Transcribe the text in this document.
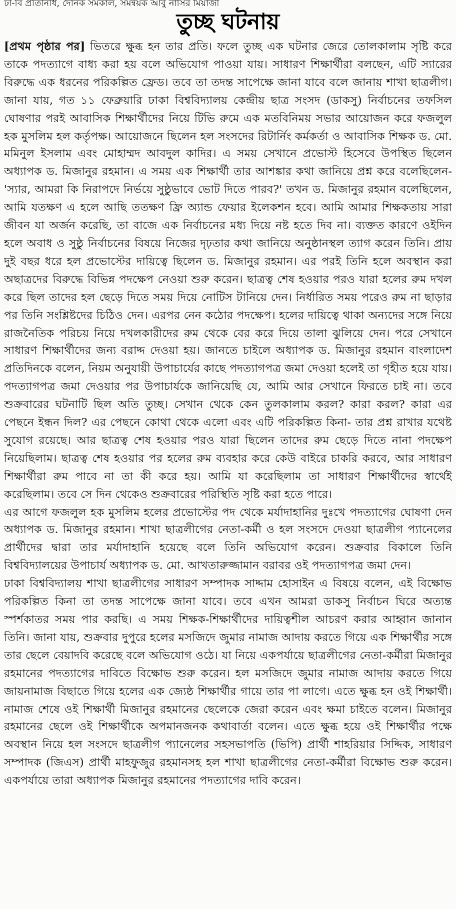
ঢা-বি প্রতিনিধি, দৈনিক সমকাল, সমন্বয়ক আবু নাসির মিয়াজী
তুচ্ছ ঘটনায়

[প্রথম পৃষ্ঠার পর] ভিতরে ক্ষুব্ধ হন তার প্রতি। ফলে তুচ্ছ এক ঘটনার জেরে তোলকালাম সৃষ্টি করে তাকে পদত্যাগে বাধ্য করা হয় বলে অভিযোগ পাওয়া যায়। সাধারণ শিক্ষার্থীরা বলছেন, এটি স্যারের বিরুদ্ধে এক ধরনের পরিকল্পিত ফ্রেড। তবে তা তদন্ত সাপেক্ষে জানা যাবে বলে জানায় শাখা ছাত্রলীগ। জানা যায়, গত ১১ ফেব্রুয়ারি ঢাকা বিশ্ববিদ্যালয় কেন্দ্রীয় ছাত্র সংসদ (ডাকসু) নির্বাচনের তফসিল ঘোষণার পরই আবাসিক শিক্ষার্থীদের নিয়ে টিভি রুমে এক মতবিনিময় সভার আয়োজন করে ফজলুল হক মুসলিম হল কর্তৃপক্ষ। আয়োজনে ছিলেন হল সংসদের রিটার্নিং কর্মকর্তা ও আবাসিক শিক্ষক ড. মো. মমিনুল ইসলাম এবং মোহাম্মদ আবদুল কাদির। এ সময় সেখানে প্রভোস্ট হিসেবে উপস্থিত ছিলেন অধ্যাপক ড. মিজানুর রহমান। এ সময় এক শিক্ষার্থী তার আশঙ্কার কথা জানিয়ে প্রশ্ন করে বলেছিলেন- 'স্যার, আমরা কি নিরাপদে নির্ভয়ে সুষ্ঠুভাবে ভোট দিতে পারব?' তখন ড. মিজানুর রহমান বলেছিলেন, আমি যতক্ষণ এ হলে আছি ততক্ষণ ফ্রি অ্যান্ড ফেয়ার ইলেকশন হবে। আমি আমার শিক্ষকতায় সারা জীবন যা অর্জন করেছি, তা বাজে এক নির্বাচনের মধ্য দিয়ে নষ্ট হতে দিব না। ব্যক্তত কারণে ওইদিন হলে অবাধ ও সুষ্ঠু নির্বাচনের বিষয়ে নিজের দৃঢ়তার কথা জানিয়ে অনুষ্ঠানস্থল ত্যাগ করেন তিনি। প্রায় দুই বছর ধরে হল প্রভোস্টের দায়িত্বে ছিলেন ড. মিজানুর রহমান। এর পরই তিনি হলে অবস্থান করা অছাত্রদের বিরুদ্ধে বিভিন্ন পদক্ষেপ নেওয়া শুরু করেন। ছাত্রত্ব শেষ হওয়ার পরও যারা হলের রুম দখল করে ছিল তাদের হল ছেড়ে দিতে সময় দিয়ে নোটিস টানিয়ে দেন। নির্ধারিত সময় পরেও রুম না ছাড়ার পর তিনি সংশ্লিষ্টদের চিঠিও দেন। এরপর নেন কঠোর পদক্ষেপ। হলের দায়িত্বে থাকা অন্যদের সঙ্গে নিয়ে রাজনৈতিক পরিচয় নিয়ে দখলকারীদের রুম থেকে বের করে দিয়ে তালা ঝুলিয়ে দেন। পরে সেখানে সাধারণ শিক্ষার্থীদের জন্য বরাদ্দ দেওয়া হয়। জানতে চাইলে অধ্যাপক ড. মিজানুর রহমান বাংলাদেশ প্রতিদিনকে বলেন, নিয়ম অনুযায়ী উপাচার্যের কাছে পদত্যাগপত্র জমা দেওয়া হলেই তা গৃহীত হয়ে যায়। পদত্যাগপত্র জমা দেওয়ার পর উপাচার্যকে জানিয়েছি যে, আমি আর সেখানে ফিরতে চাই না। তবে শুক্রবারের ঘটনাটি ছিল অতি তুচ্ছ। সেখান থেকে কেন তুলকালাম করল? কারা করল? কারা এর পেছনে ইন্ধন দিল? এর পেছনে কোথা থেকে এলো এবং এটি পরিকল্পিত কিনা- তার প্রশ্ন রাখার যথেষ্ট সুযোগ রয়েছে। আর ছাত্রত্ব শেষ হওয়ার পরও যারা ছিলেন তাদের রুম ছেড়ে দিতে নানা পদক্ষেপ নিয়েছিলাম। ছাত্রত্ব শেষ হওয়ার পর হলের রুম ব্যবহার করে কেউ বাইরে চাকরি করবে, আর সাধারণ শিক্ষার্থীরা রুম পাবে না তা কী করে হয়। আমি যা করেছিলাম তা সাধারণ শিক্ষার্থীদের স্বার্থেই করেছিলাম। তবে সে দিন থেকেও শুক্রবারের পরিস্থিতি সৃষ্টি করা হতে পারে।

এর আগে ফজলুল হক মুসলিম হলের প্রভোস্টের পদ থেকে মর্যাদাহানির দুঃখে পদত্যাগের ঘোষণা দেন অধ্যাপক ড. মিজানুর রহমান। শাখা ছাত্রলীগের নেতা-কর্মী ও হল সংসদে দেওয়া ছাত্রলীগ প্যানেলের প্রার্থীদের দ্বারা তার মর্যাদাহানি হয়েছে বলে তিনি অভিযোগ করেন। শুক্রবার বিকালে তিনি বিশ্ববিদ্যালয়ের উপাচার্য অধ্যাপক ড. মো. আখতারুজ্জামান বরাবর ওই পদত্যাগপত্র জমা দেন।

ঢাকা বিশ্ববিদ্যালয় শাখা ছাত্রলীগের সাধারণ সম্পাদক সাদ্দাম হোসাইন এ বিষয়ে বলেন, এই বিক্ষোভ পরিকল্পিত কিনা তা তদন্ত সাপেক্ষে জানা যাবে। তবে এখন আমরা ডাকসু নির্বাচন ঘিরে অত্যন্ত স্পর্শকাতর সময় পার করছি। এ সময় শিক্ষক-শিক্ষার্থীদের দায়িত্বশীল আচরণ করার আহ্বান জানান তিনি। জানা যায়, শুক্রবার দুপুরে হলের মসজিদে জুমার নামাজ আদায় করতে গিয়ে এক শিক্ষার্থীর সঙ্গে তার ছেলে বেয়াদবি করেছে বলে অভিযোগ ওঠে। যা নিয়ে একপর্যায়ে ছাত্রলীগের নেতা-কর্মীরা মিজানুর রহমানের পদত্যাগের দাবিতে বিক্ষোভ শুরু করেন। হল মসজিদে জুমার নামাজ আদায় করতে গিয়ে জায়নামাজ বিছাতে গিয়ে হলের এক জ্যেষ্ঠ শিক্ষার্থীর গায়ে তার পা লাগে। এতে ক্ষুব্ধ হন ওই শিক্ষার্থী। নামাজ শেষে ওই শিক্ষার্থী মিজানুর রহমানের ছেলেকে জেরা করেন এবং ক্ষমা চাইতে বলেন। মিজানুর রহমানের ছেলে ওই শিক্ষার্থীকে অপমানজনক কথাবার্তা বলেন। এতে ক্ষুব্ধ হয়ে ওই শিক্ষার্থীর পক্ষে অবস্থান নিয়ে হল সংসদে ছাত্রলীগ প্যানেলের সহসভাপতি (ভিপি) প্রার্থী শাহরিয়ার সিদ্দিক, সাধারণ সম্পাদক (জিএস) প্রার্থী মাহফুজুর রহমানসহ হল শাখা ছাত্রলীগের নেতা-কর্মীরা বিক্ষোভ শুরু করেন। একপর্যায়ে তারা অধ্যাপক মিজানুর রহমানের পদত্যাগের দাবি করেন।
